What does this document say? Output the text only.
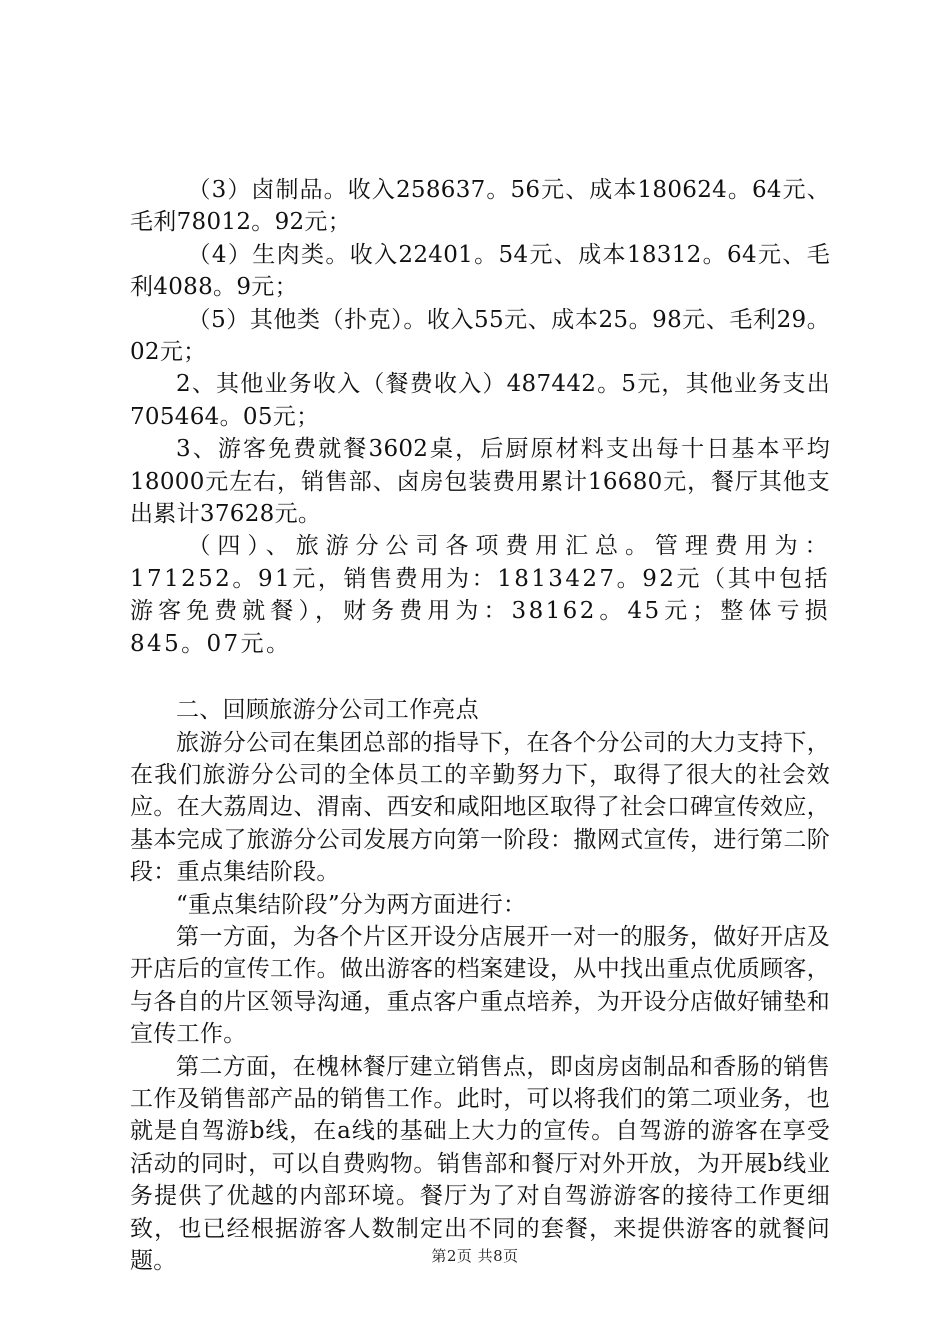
（3）卤制品。收入258637。56元、成本180624。64元、毛利78012。92元；

（4）生肉类。收入22401。54元、成本18312。64元、毛利4088。9元；

（5）其他类（扑克）。收入55元、成本25。98元、毛利29。02元；

2、其他业务收入（餐费收入）487442。5元，其他业务支出705464。05元；

3、游客免费就餐3602桌，后厨原材料支出每十日基本平均18000元左右，销售部、卤房包装费用累计16680元，餐厅其他支出累计37628元。

（四）、旅游分公司各项费用汇总。管理费用为：171252。91元，销售费用为：1813427。92元（其中包括游客免费就餐），财务费用为：38162。45元；整体亏损845。07元。

二、回顾旅游分公司工作亮点

旅游分公司在集团总部的指导下，在各个分公司的大力支持下，在我们旅游分公司的全体员工的辛勤努力下，取得了很大的社会效应。在大荔周边、渭南、西安和咸阳地区取得了社会口碑宣传效应，基本完成了旅游分公司发展方向第一阶段：撒网式宣传，进行第二阶段：重点集结阶段。

“重点集结阶段”分为两方面进行：

第一方面，为各个片区开设分店展开一对一的服务，做好开店及开店后的宣传工作。做出游客的档案建设，从中找出重点优质顾客，与各自的片区领导沟通，重点客户重点培养，为开设分店做好铺垫和宣传工作。

第二方面，在槐林餐厅建立销售点，即卤房卤制品和香肠的销售工作及销售部产品的销售工作。此时，可以将我们的第二项业务，也就是自驾游b线，在a线的基础上大力的宣传。自驾游的游客在享受活动的同时，可以自费购物。销售部和餐厅对外开放，为开展b线业务提供了优越的内部环境。餐厅为了对自驾游游客的接待工作更细致，也已经根据游客人数制定出不同的套餐，来提供游客的就餐问题。	第2页 共8页
